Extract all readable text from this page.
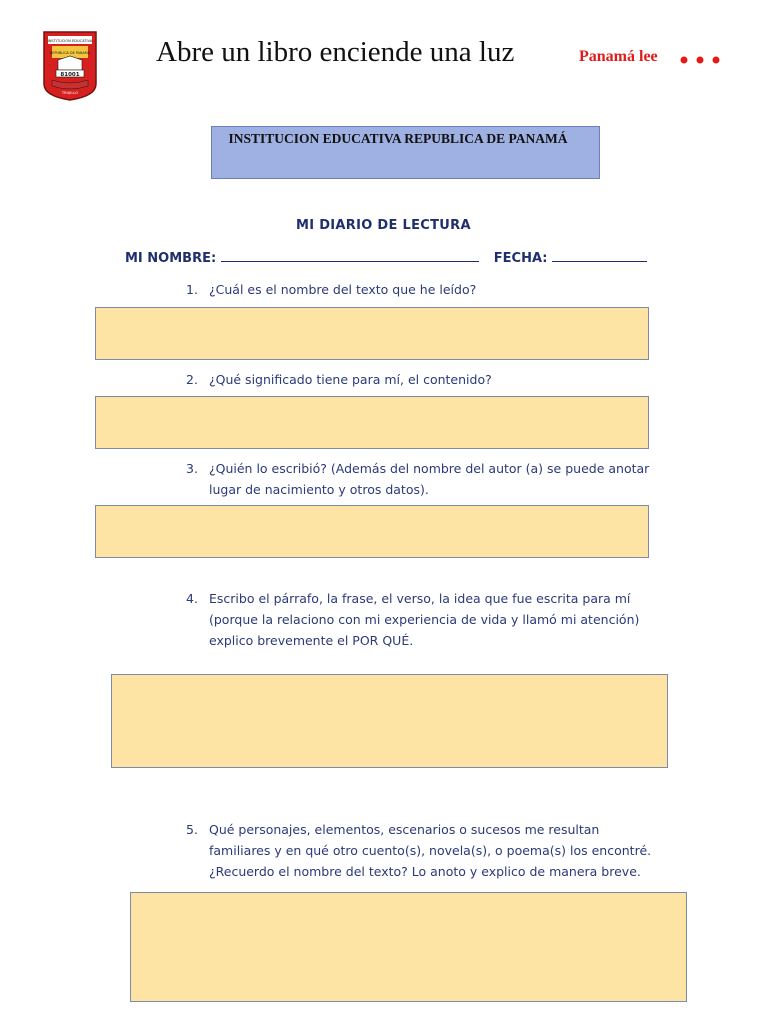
INSTITUCION EDUCATIVA
REPUBLICA DE PANAMA
81001
TRUJILLO
Abre un libro enciende una luz	Panamá lee
INSTITUCION EDUCATIVA REPUBLICA DE PANAMÁ
MI DIARIO DE LECTURA
MI NOMBRE:	FECHA:
1. ¿Cuál es el nombre del texto que he leído?
2. ¿Qué significado tiene para mí, el contenido?
3. ¿Quién lo escribió? (Además del nombre del autor (a) se puede anotar lugar de nacimiento y otros datos).
4. Escribo el párrafo, la frase, el verso, la idea que fue escrita para mí (porque la relaciono con mi experiencia de vida y llamó mi atención) explico brevemente el POR QUÉ.
5. Qué personajes, elementos, escenarios o sucesos me resultan familiares y en qué otro cuento(s), novela(s), o poema(s) los encontré. ¿Recuerdo el nombre del texto? Lo anoto y explico de manera breve.
